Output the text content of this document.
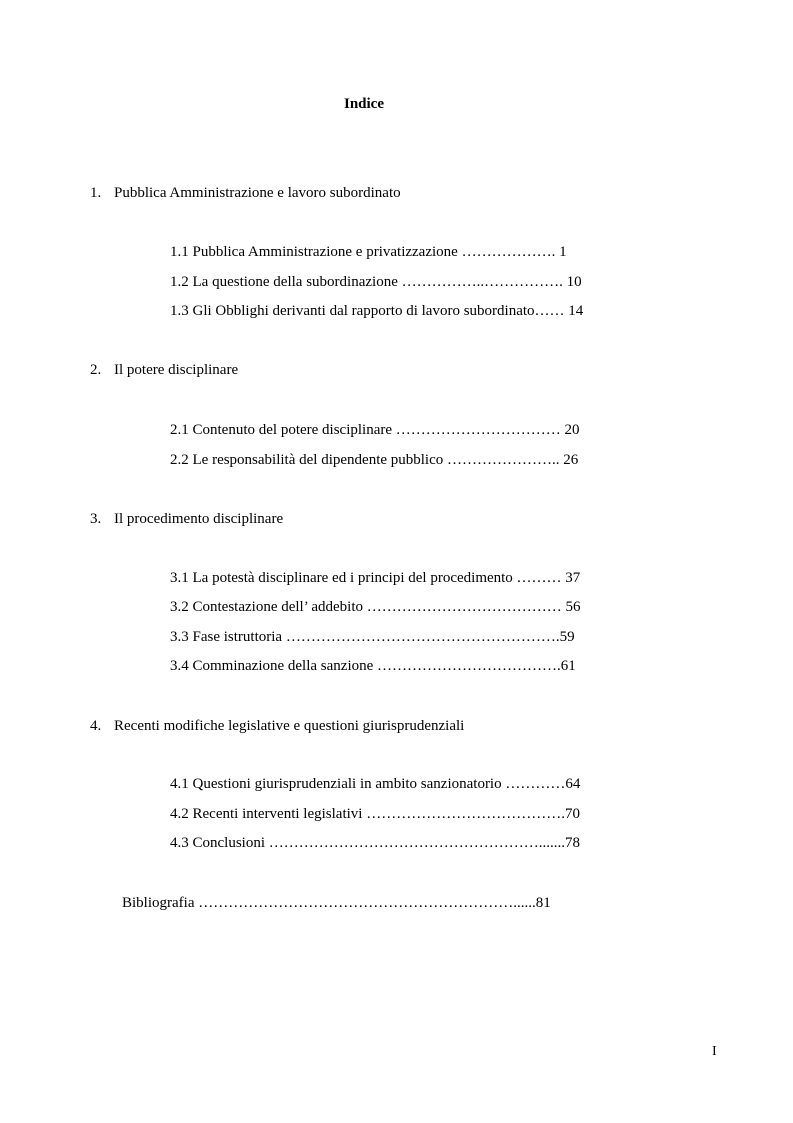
Indice
1. Pubblica Amministrazione e lavoro subordinato
1.1 Pubblica Amministrazione e privatizzazione ………………. 1
1.2 La questione della subordinazione ……………..……………. 10
1.3 Gli Obblighi derivanti dal rapporto di lavoro subordinato…… 14
2. Il potere disciplinare
2.1 Contenuto del potere disciplinare …………………………… 20
2.2 Le responsabilità del dipendente pubblico ………………….. 26
3. Il procedimento disciplinare
3.1 La potestà disciplinare ed i principi del procedimento ……… 37
3.2 Contestazione dell’ addebito ………………………………… 56
3.3 Fase istruttoria ……………………………………………….59
3.4 Comminazione della sanzione ……………………………….61
4. Recenti modifiche legislative e questioni giurisprudenziali
4.1 Questioni giurisprudenziali in ambito sanzionatorio …………64
4.2 Recenti interventi legislativi ………………………………….70
4.3 Conclusioni ……………………………………………….......78
Bibliografia ………………………………………………………......81
I
